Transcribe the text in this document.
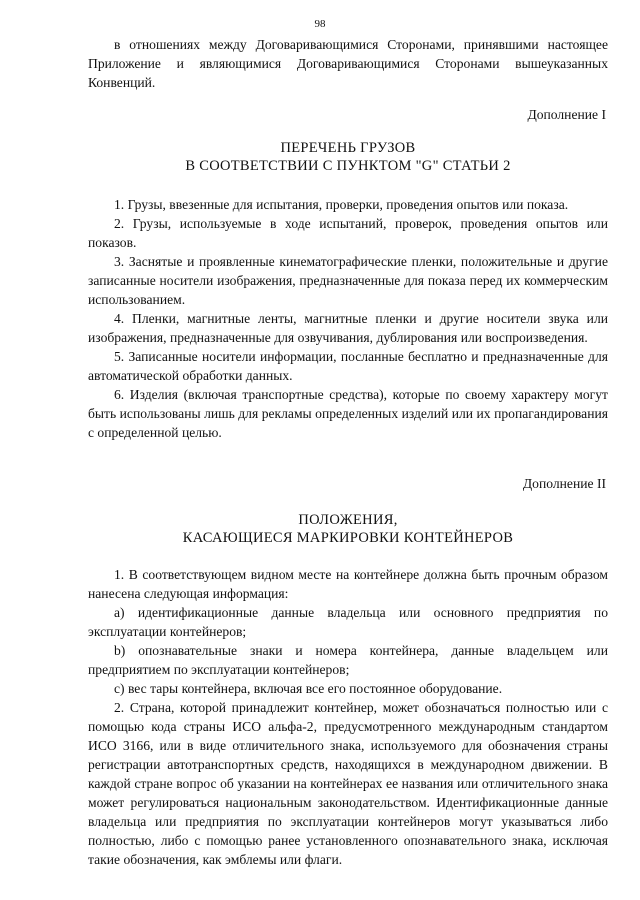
98

в отношениях между Договаривающимися Сторонами, принявшими настоящее Приложение и являющимися Договаривающимися Сторонами вышеуказанных Конвенций.

Дополнение I
ПЕРЕЧЕНЬ ГРУЗОВ
В СООТВЕТСТВИИ С ПУНКТОМ "G" СТАТЬИ 2

1. Грузы, ввезенные для испытания, проверки, проведения опытов или показа.

2. Грузы, используемые в ходе испытаний, проверок, проведения опытов или показов.

3. Заснятые и проявленные кинематографические пленки, положительные и другие записанные носители изображения, предназначенные для показа перед их коммерческим использованием.

4. Пленки, магнитные ленты, магнитные пленки и другие носители звука или изображения, предназначенные для озвучивания, дублирования или воспроизведения.

5. Записанные носители информации, посланные бесплатно и предназначенные для автоматической обработки данных.

6. Изделия (включая транспортные средства), которые по своему характеру могут быть использованы лишь для рекламы определенных изделий или их пропагандирования с определенной целью.

Дополнение II
ПОЛОЖЕНИЯ,
КАСАЮЩИЕСЯ МАРКИРОВКИ КОНТЕЙНЕРОВ

1. В соответствующем видном месте на контейнере должна быть прочным образом нанесена следующая информация:

а) идентификационные данные владельца или основного предприятия по эксплуатации контейнеров;

b) опознавательные знаки и номера контейнера, данные владельцем или предприятием по эксплуатации контейнеров;

c) вес тары контейнера, включая все его постоянное оборудование.

2. Страна, которой принадлежит контейнер, может обозначаться полностью или с помощью кода страны ИСО альфа-2, предусмотренного международным стандартом ИСО 3166, или в виде отличительного знака, используемого для обозначения страны регистрации автотранспортных средств, находящихся в международном движении. В каждой стране вопрос об указании на контейнерах ее названия или отличительного знака может регулироваться национальным законодательством. Идентификационные данные владельца или предприятия по эксплуатации контейнеров могут указываться либо полностью, либо с помощью ранее установленного опознавательного знака, исключая такие обозначения, как эмблемы или флаги.
